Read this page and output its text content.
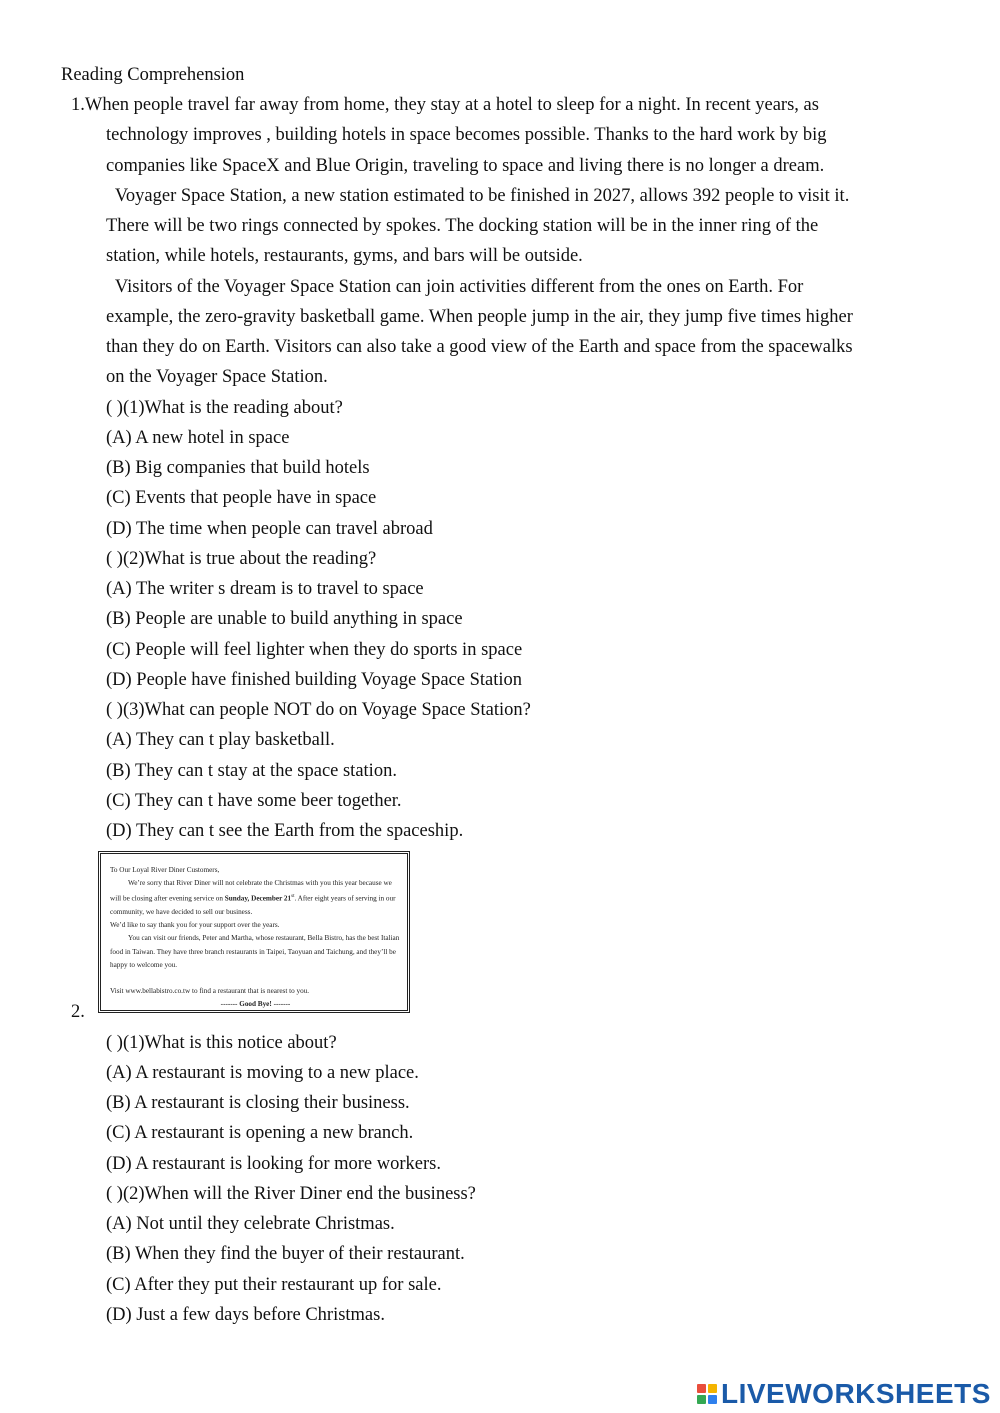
Reading Comprehension
1.When people travel far away from home, they stay at a hotel to sleep for a night. In recent years, as
technology improves , building hotels in space becomes possible. Thanks to the hard work by big
companies like SpaceX and Blue Origin, traveling to space and living there is no longer a dream.
Voyager Space Station, a new station estimated to be finished in 2027, allows 392 people to visit it.
There will be two rings connected by spokes. The docking station will be in the inner ring of the
station, while hotels, restaurants, gyms, and bars will be outside.
Visitors of the Voyager Space Station can join activities different from the ones on Earth. For
example, the zero-gravity basketball game. When people jump in the air, they jump five times higher
than they do on Earth. Visitors can also take a good view of the Earth and space from the spacewalks
on the Voyager Space Station.
( )(1)What is the reading about?
(A) A new hotel in space
(B) Big companies that build hotels
(C) Events that people have in space
(D) The time when people can travel abroad
( )(2)What is true about the reading?
(A) The writer s dream is to travel to space
(B) People are unable to build anything in space
(C) People will feel lighter when they do sports in space
(D) People have finished building Voyage Space Station
( )(3)What can people NOT do on Voyage Space Station?
(A) They can t play basketball.
(B) They can t stay at the space station.
(C) They can t have some beer together.
(D) They can t see the Earth from the spaceship.

To Our Loyal River Diner Customers,

We’re sorry that River Diner will not celebrate the Christmas with you this year because we will be closing after evening service on Sunday, December 21st. After eight years of serving in our community, we have decided to sell our business.

We’d like to say thank you for your support over the years.

You can visit our friends, Peter and Martha, whose restaurant, Bella Bistro, has the best Italian food in Taiwan. They have three branch restaurants in Taipei, Taoyuan and Taichung, and they’ll be happy to welcome you.

Visit www.bellabistro.co.tw to find a restaurant that is nearest to you.

------- Good Bye! -------

2.
( )(1)What is this notice about?
(A) A restaurant is moving to a new place.
(B) A restaurant is closing their business.
(C) A restaurant is opening a new branch.
(D) A restaurant is looking for more workers.
( )(2)When will the River Diner end the business?
(A) Not until they celebrate Christmas.
(B) When they find the buyer of their restaurant.
(C) After they put their restaurant up for sale.
(D) Just a few days before Christmas.
LIVEWORKSHEETS
